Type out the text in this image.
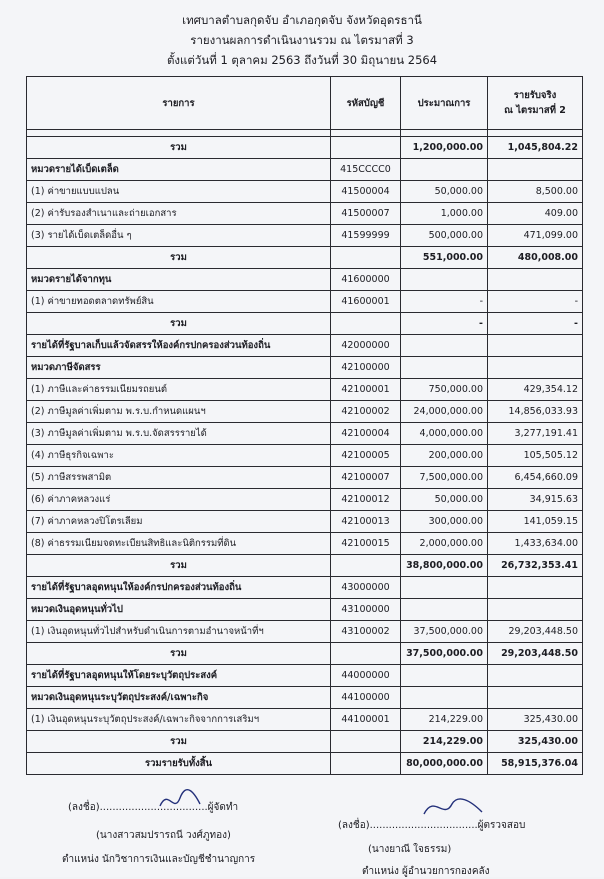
เทศบาลตำบลกุดจับ อำเภอกุดจับ จังหวัดอุดรธานี
รายงานผลการดำเนินงานรวม ณ ไตรมาสที่ 3
ตั้งแต่วันที่ 1 ตุลาคม 2563 ถึงวันที่ 30 มิถุนายน 2564
รายการ	รหัสบัญชี	ประมาณการ	รายรับจริง
ณ ไตรมาสที่ 2

รวม		1,200,000.00	1,045,804.22
หมวดรายได้เบ็ดเตล็ด	415CCCC0		
(1) ค่าขายแบบแปลน	41500004	50,000.00	8,500.00
(2) ค่ารับรองสำเนาและถ่ายเอกสาร	41500007	1,000.00	409.00
(3) รายได้เบ็ดเตล็ดอื่น ๆ	41599999	500,000.00	471,099.00
รวม		551,000.00	480,008.00
หมวดรายได้จากทุน	41600000		
(1) ค่าขายทอดตลาดทรัพย์สิน	41600001	-	-
รวม		-	-
รายได้ที่รัฐบาลเก็บแล้วจัดสรรให้องค์กรปกครองส่วนท้องถิ่น	42000000		
หมวดภาษีจัดสรร	42100000		
(1) ภาษีและค่าธรรมเนียมรถยนต์	42100001	750,000.00	429,354.12
(2) ภาษีมูลค่าเพิ่มตาม พ.ร.บ.กำหนดแผนฯ	42100002	24,000,000.00	14,856,033.93
(3) ภาษีมูลค่าเพิ่มตาม พ.ร.บ.จัดสรรรายได้	42100004	4,000,000.00	3,277,191.41
(4) ภาษีธุรกิจเฉพาะ	42100005	200,000.00	105,505.12
(5) ภาษีสรรพสามิต	42100007	7,500,000.00	6,454,660.09
(6) ค่าภาคหลวงแร่	42100012	50,000.00	34,915.63
(7) ค่าภาคหลวงปิโตรเลียม	42100013	300,000.00	141,059.15
(8) ค่าธรรมเนียมจดทะเบียนสิทธิและนิติกรรมที่ดิน	42100015	2,000,000.00	1,433,634.00
รวม		38,800,000.00	26,732,353.41
รายได้ที่รัฐบาลอุดหนุนให้องค์กรปกครองส่วนท้องถิ่น	43000000		
หมวดเงินอุดหนุนทั่วไป	43100000		
(1) เงินอุดหนุนทั่วไปสำหรับดำเนินการตามอำนาจหน้าที่ฯ	43100002	37,500,000.00	29,203,448.50
รวม		37,500,000.00	29,203,448.50
รายได้ที่รัฐบาลอุดหนุนให้โดยระบุวัตถุประสงค์	44000000		
หมวดเงินอุดหนุนระบุวัตถุประสงค์/เฉพาะกิจ	44100000		
(1) เงินอุดหนุนระบุวัตถุประสงค์/เฉพาะกิจจากการเสริมฯ	44100001	214,229.00	325,430.00
รวม		214,229.00	325,430.00
รวมรายรับทั้งสิ้น		80,000,000.00	58,915,376.04
(ลงชื่อ)..................................ผู้จัดทำ
(นางสาวสมปรารถนี วงศ์ภูทอง)
ตำแหน่ง นักวิชาการเงินและบัญชีชำนาญการ
(ลงชื่อ)..................................ผู้ตรวจสอบ
(นางยาณี ใจธรรม)
ตำแหน่ง ผู้อำนวยการกองคลัง
